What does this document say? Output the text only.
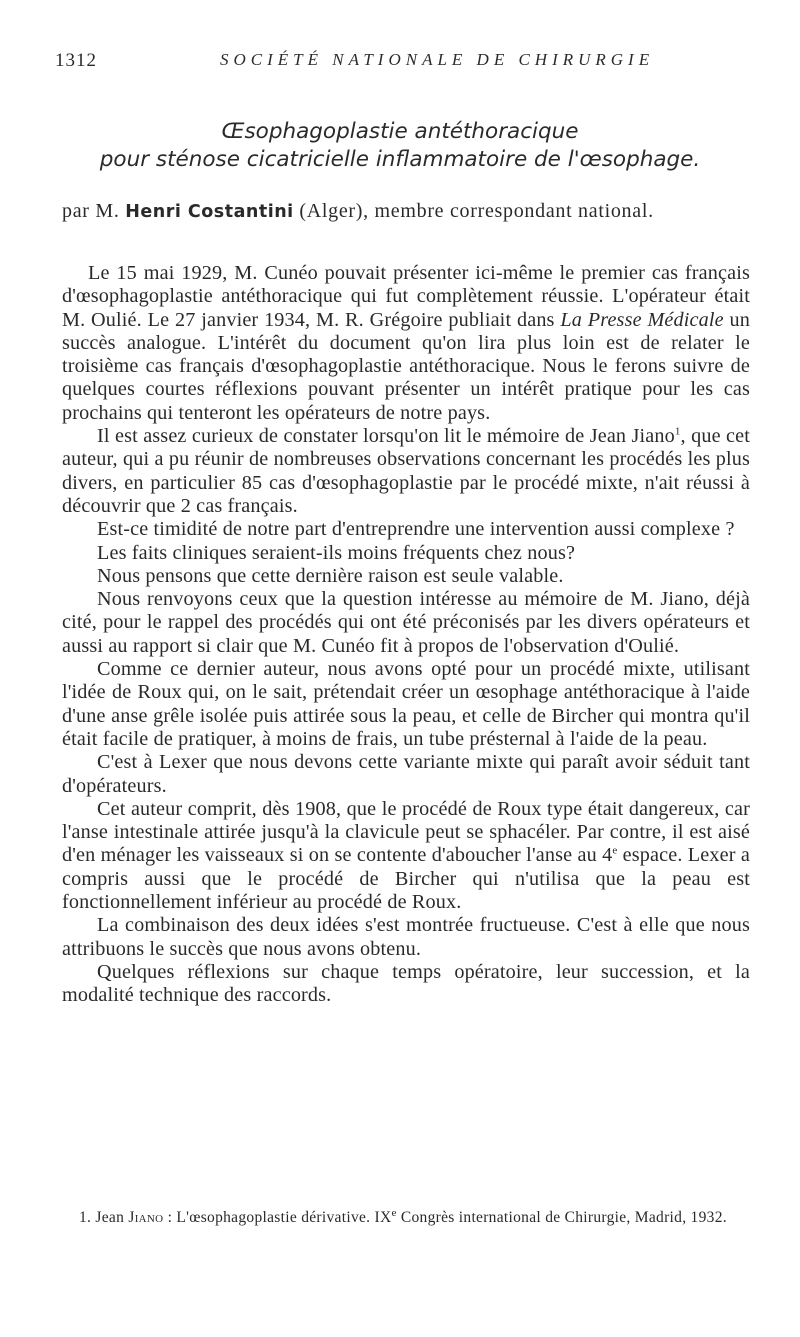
1312	SOCIÉTÉ NATIONALE DE CHIRURGIE
Œsophagoplastie antéthoracique
pour sténose cicatricielle inflammatoire de l'œsophage.
par M. Henri Costantini (Alger), membre correspondant national.

Le 15 mai 1929, M. Cunéo pouvait présenter ici-même le premier cas français d'œsophagoplastie antéthoracique qui fut complètement réussie. L'opérateur était M. Oulié. Le 27 janvier 1934, M. R. Grégoire publiait dans La Presse Médicale un succès analogue. L'intérêt du document qu'on lira plus loin est de relater le troisième cas français d'œsophagoplastie antéthoracique. Nous le ferons suivre de quelques courtes réflexions pouvant présenter un intérêt pratique pour les cas prochains qui tenteront les opérateurs de notre pays.

Il est assez curieux de constater lorsqu'on lit le mémoire de Jean Jiano$^1$, que cet auteur, qui a pu réunir de nombreuses observations concernant les procédés les plus divers, en particulier 85 cas d'œsophagoplastie par le procédé mixte, n'ait réussi à découvrir que 2 cas français.

Est-ce timidité de notre part d'entreprendre une intervention aussi complexe ?

Les faits cliniques seraient-ils moins fréquents chez nous?

Nous pensons que cette dernière raison est seule valable.

Nous renvoyons ceux que la question intéresse au mémoire de M. Jiano, déjà cité, pour le rappel des procédés qui ont été préconisés par les divers opérateurs et aussi au rapport si clair que M. Cunéo fit à propos de l'observation d'Oulié.

Comme ce dernier auteur, nous avons opté pour un procédé mixte, utilisant l'idée de Roux qui, on le sait, prétendait créer un œsophage antéthoracique à l'aide d'une anse grêle isolée puis attirée sous la peau, et celle de Bircher qui montra qu'il était facile de pratiquer, à moins de frais, un tube présternal à l'aide de la peau.

C'est à Lexer que nous devons cette variante mixte qui paraît avoir séduit tant d'opérateurs.

Cet auteur comprit, dès 1908, que le procédé de Roux type était dangereux, car l'anse intestinale attirée jusqu'à la clavicule peut se sphacéler. Par contre, il est aisé d'en ménager les vaisseaux si on se contente d'aboucher l'anse au 4e espace. Lexer a compris aussi que le procédé de Bircher qui n'utilisa que la peau est fonctionnellement inférieur au procédé de Roux.

La combinaison des deux idées s'est montrée fructueuse. C'est à elle que nous attribuons le succès que nous avons obtenu.

Quelques réflexions sur chaque temps opératoire, leur succession, et la modalité technique des raccords.

1. Jean Jiano : L'œsophagoplastie dérivative. IXe Congrès international de Chirurgie, Madrid, 1932.
